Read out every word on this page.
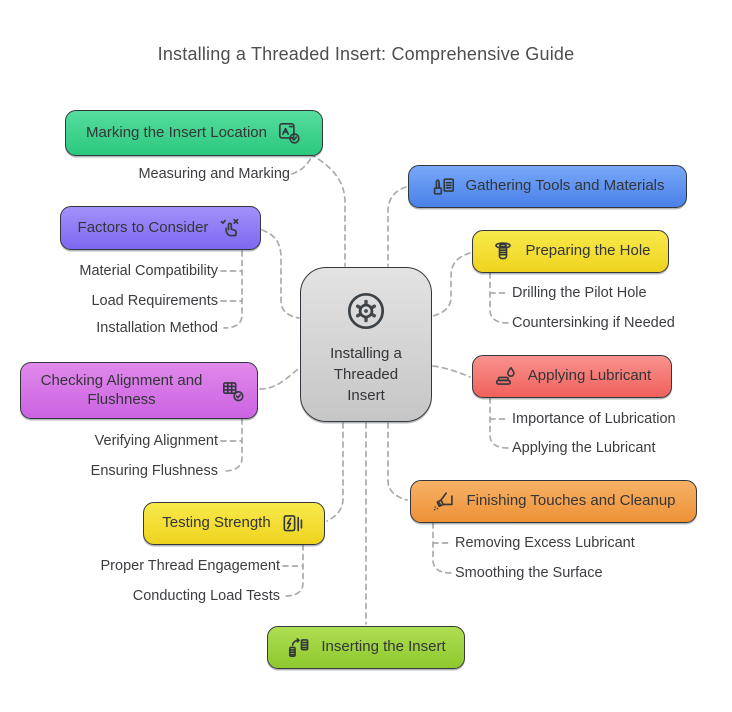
Installing a Threaded Insert: Comprehensive Guide
Installing a Threaded Insert
Marking the Insert Location
Factors to Consider
Checking Alignment and Flushness
Testing Strength
Gathering Tools and Materials
Preparing the Hole
Applying Lubricant
Finishing Touches and Cleanup
Inserting the Insert
Measuring and Marking
Material Compatibility
Load Requirements
Installation Method
Verifying Alignment
Ensuring Flushness
Proper Thread Engagement
Conducting Load Tests
Drilling the Pilot Hole
Countersinking if Needed
Importance of Lubrication
Applying the Lubricant
Removing Excess Lubricant
Smoothing the Surface
